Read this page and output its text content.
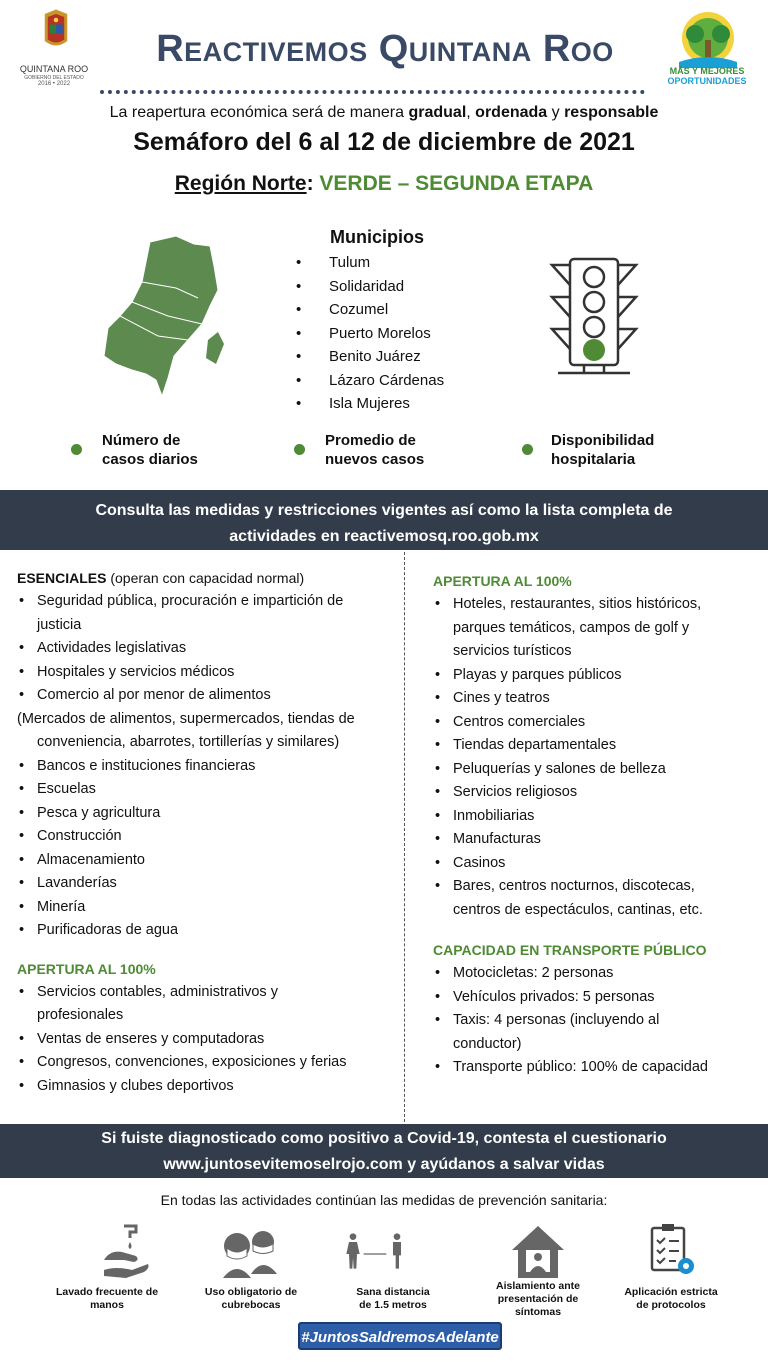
QUINTANA ROO
GOBIERNO DEL ESTADO
2016 • 2022
Reactivemos Quintana Roo
MÁS Y MEJORES
OPORTUNIDADES
La reapertura económica será de manera gradual, ordenada y responsable
Semáforo del 6 al 12 de diciembre de 2021
Región Norte: VERDE – SEGUNDA ETAPA
Municipios
• Tulum
• Solidaridad
• Cozumel
• Puerto Morelos
• Benito Juárez
• Lázaro Cárdenas
• Isla Mujeres
Número de
casos diarios
Promedio de
nuevos casos
Disponibilidad
hospitalaria
Consulta las medidas y restricciones vigentes así como la lista completa de
actividades en reactivemosq.roo.gob.mx
ESENCIALES (operan con capacidad normal)
• Seguridad pública, procuración e impartición de
justicia
• Actividades legislativas
• Hospitales y servicios médicos
• Comercio al por menor de alimentos
(Mercados de alimentos, supermercados, tiendas de
conveniencia, abarrotes, tortillerías y similares)
• Bancos e instituciones financieras
• Escuelas
• Pesca y agricultura
• Construcción
• Almacenamiento
• Lavanderías
• Minería
• Purificadoras de agua
APERTURA AL 100%
• Servicios contables, administrativos y
profesionales
• Ventas de enseres y computadoras
• Congresos, convenciones, exposiciones y ferias
• Gimnasios y clubes deportivos
APERTURA AL 100%
• Hoteles, restaurantes, sitios históricos,
parques temáticos, campos de golf y
servicios turísticos
• Playas y parques públicos
• Cines y teatros
• Centros comerciales
• Tiendas departamentales
• Peluquerías y salones de belleza
• Servicios religiosos
• Inmobiliarias
• Manufacturas
• Casinos
• Bares, centros nocturnos, discotecas,
centros de espectáculos, cantinas, etc.
CAPACIDAD EN TRANSPORTE PÚBLICO
• Motocicletas: 2 personas
• Vehículos privados: 5 personas
• Taxis: 4 personas (incluyendo al
conductor)
• Transporte público: 100% de capacidad
Si fuiste diagnosticado como positivo a Covid-19, contesta el cuestionario
www.juntosevitemoselrojo.com y ayúdanos a salvar vidas
En todas las actividades continúan las medidas de prevención sanitaria:
Lavado frecuente de
manos
Uso obligatorio de
cubrebocas
Sana distancia
de 1.5 metros
Aislamiento ante
presentación de
síntomas
Aplicación estricta
de protocolos
#JuntosSaldremosAdelante
